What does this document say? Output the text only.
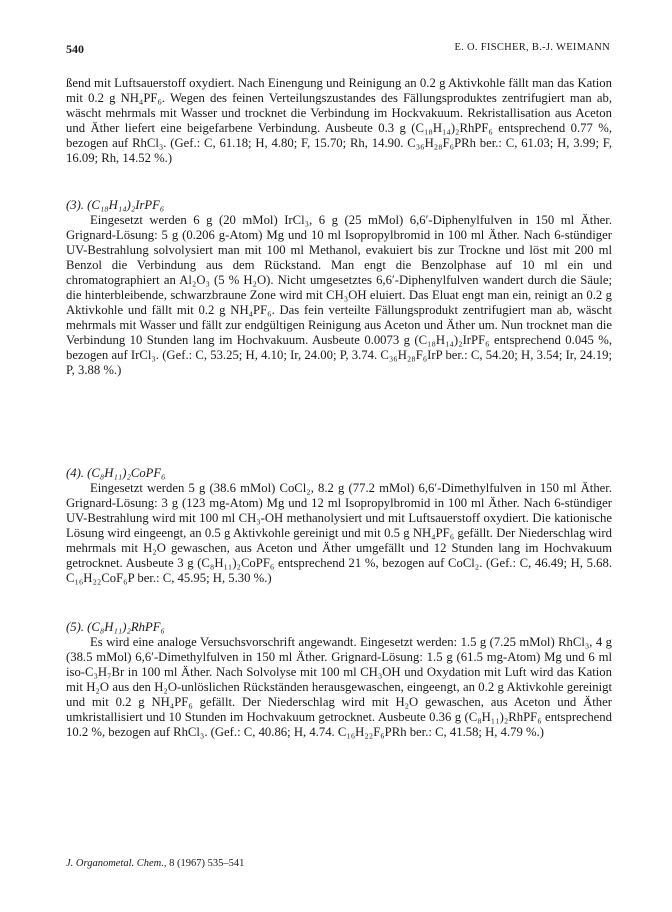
540	E. O. FISCHER, B.-J. WEIMANN

ßend mit Luftsauerstoff oxydiert. Nach Einengung und Reinigung an 0.2 g Aktivkohle fällt man das Kation mit 0.2 g NH₄PF₆. Wegen des feinen Verteilungszustandes des Fällungsproduktes zentrifugiert man ab, wäscht mehrmals mit Wasser und trocknet die Verbindung im Hockvakuum. Rekristallisation aus Aceton und Äther liefert eine beigefarbene Verbindung. Ausbeute 0.3 g (C₁₈H₁₄)₂RhPF₆ entsprechend 0.77 %, bezogen auf RhCl₃. (Gef.: C, 61.18; H, 4.80; F, 15.70; Rh, 14.90. C₃₆H₂₈F₆PRh ber.: C, 61.03; H, 3.99; F, 16.09; Rh, 14.52 %.)

(3). (C₁₈H₁₄)₂IrPF₆

Eingesetzt werden 6 g (20 mMol) IrCl₃, 6 g (25 mMol) 6,6′-Diphenylfulven in 150 ml Äther. Grignard-Lösung: 5 g (0.206 g-Atom) Mg und 10 ml Isopropylbromid in 100 ml Äther. Nach 6-stündiger UV-Bestrahlung solvolysiert man mit 100 ml Methanol, evakuiert bis zur Trockne und löst mit 200 ml Benzol die Verbindung aus dem Rückstand. Man engt die Benzolphase auf 10 ml ein und chromatographiert an Al₂O₃ (5 % H₂O). Nicht umgesetztes 6,6′-Diphenylfulven wandert durch die Säule; die hinterbleibende, schwarzbraune Zone wird mit CH₃OH eluiert. Das Eluat engt man ein, reinigt an 0.2 g Aktivkohle und fällt mit 0.2 g NH₄PF₆. Das fein verteilte Fällungsprodukt zentrifugiert man ab, wäscht mehrmals mit Wasser und fällt zur endgültigen Reinigung aus Aceton und Äther um. Nun trocknet man die Verbindung 10 Stunden lang im Hochvakuum. Ausbeute 0.0073 g (C₁₈H₁₄)₂IrPF₆ entsprechend 0.045 %, bezogen auf IrCl₃. (Gef.: C, 53.25; H, 4.10; Ir, 24.00; P, 3.74. C₃₆H₂₈F₆IrP ber.: C, 54.20; H, 3.54; Ir, 24.19; P, 3.88 %.)

(4). (C₈H₁₁)₂CoPF₆

Eingesetzt werden 5 g (38.6 mMol) CoCl₂, 8.2 g (77.2 mMol) 6,6′-Dimethylfulven in 150 ml Äther. Grignard-Lösung: 3 g (123 mg-Atom) Mg und 12 ml Isopropylbromid in 100 ml Äther. Nach 6-stündiger UV-Bestrahlung wird mit 100 ml CH₃-OH methanolysiert und mit Luftsauerstoff oxydiert. Die kationische Lösung wird eingeengt, an 0.5 g Aktivkohle gereinigt und mit 0.5 g NH₄PF₆ gefällt. Der Niederschlag wird mehrmals mit H₂O gewaschen, aus Aceton und Äther umgefällt und 12 Stunden lang im Hochvakuum getrocknet. Ausbeute 3 g (C₈H₁₁)₂CoPF₆ entsprechend 21 %, bezogen auf CoCl₂. (Gef.: C, 46.49; H, 5.68. C₁₆H₂₂CoF₆P ber.: C, 45.95; H, 5.30 %.)

(5). (C₈H₁₁)₂RhPF₆

Es wird eine analoge Versuchsvorschrift angewandt. Eingesetzt werden: 1.5 g (7.25 mMol) RhCl₃, 4 g (38.5 mMol) 6,6′-Dimethylfulven in 150 ml Äther. Grignard-Lösung: 1.5 g (61.5 mg-Atom) Mg und 6 ml iso-C₃H₇Br in 100 ml Äther. Nach Solvolyse mit 100 ml CH₃OH und Oxydation mit Luft wird das Kation mit H₂O aus den H₂O-unlöslichen Rückständen herausgewaschen, eingeengt, an 0.2 g Aktivkohle gereinigt und mit 0.2 g NH₄PF₆ gefällt. Der Niederschlag wird mit H₂O gewaschen, aus Aceton und Äther umkristallisiert und 10 Stunden im Hochvakuum getrocknet. Ausbeute 0.36 g (C₈H₁₁)₂RhPF₆ entsprechend 10.2 %, bezogen auf RhCl₃. (Gef.: C, 40.86; H, 4.74. C₁₆H₂₂F₆PRh ber.: C, 41.58; H, 4.79 %.)

J. Organometal. Chem., 8 (1967) 535–541
